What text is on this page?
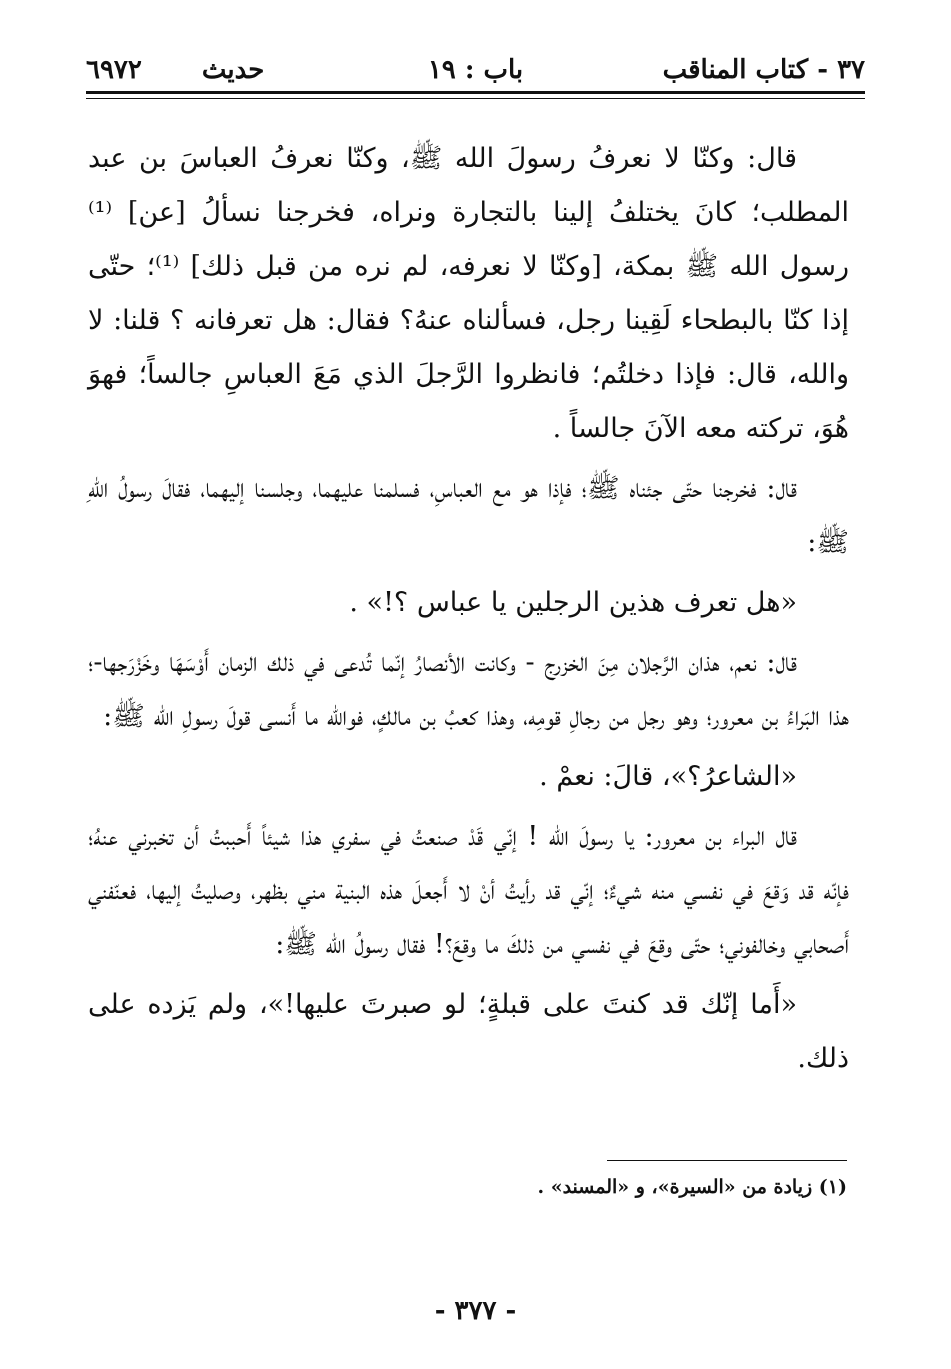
٣٧ - كتاب المناقب
باب : ١٩
٦٩٧٢ حديث

قال: وكنّا لا نعرفُ رسولَ الله ﷺ، وكنّا نعرفُ العباسَ بن عبد المطلب؛ كانَ يختلفُ إلينا بالتجارة ونراه، فخرجنا نسألُ [عن] ⁽¹⁾ رسول الله ﷺ بمكة، [وكنّا لا نعرفه، لم نره من قبل ذلك] ⁽¹⁾؛ حتّى إذا كنّا بالبطحاء لَقِينا رجل، فسألناه عنهُ؟ فقال: هل تعرفانه ؟ قلنا: لا والله، قال: فإذا دخلتُم؛ فانظروا الرَّجلَ الذي مَعَ العباسِ جالساً؛ فهوَ هُوَ، تركته معه الآنَ جالساً .

قال: فخرجنا حتّى جئناه ﷺ؛ فإذا هو مع العباسِ، فسلمنا عليهما، وجلسنا إليهما، فقالَ رسولُ اللهِ ﷺ:

«هل تعرف هذين الرجلين يا عباس ؟!» .

قال: نعم، هذان الرَّجلان مِنَ الخزرج - وكانت الأنصارُ إنّما تُدعى في ذلك الزمان أَوْسَهَا وخَزْرَجها-؛ هذا البَراءُ بن معرور؛ وهو رجل من رجالِ قومِه، وهذا كعبُ بن مالكٍ، فوالله ما أَنسى قولَ رسولِ الله ﷺ:

«الشاعرُ؟»، قالَ: نعمْ .

قال البراء بن معرور: يا رسولَ الله ! إنّي قَدْ صنعتُ في سفري هذا شيئاً أَحببتُ أن تخبرني عنهُ؛ فإنّه قد وَقعَ في نفسي منه شيءٌ؛ إنّي قد رأيتُ أنْ لا أَجعلَ هذه البنية مني بظهر، وصليتُ إليها، فعنّفني أَصحابي وخالفوني؛ حتّى وقعَ في نفسي من ذلكَ ما وقعَ؟! فقال رسولُ الله ﷺ:

«أَما إنّك قد كنتَ على قبلةٍ؛ لو صبرتَ عليها!»، ولم يَزده على ذلك.

(١) زيادة من «السيرة»، و «المسند» .
- ٣٧٧ -
